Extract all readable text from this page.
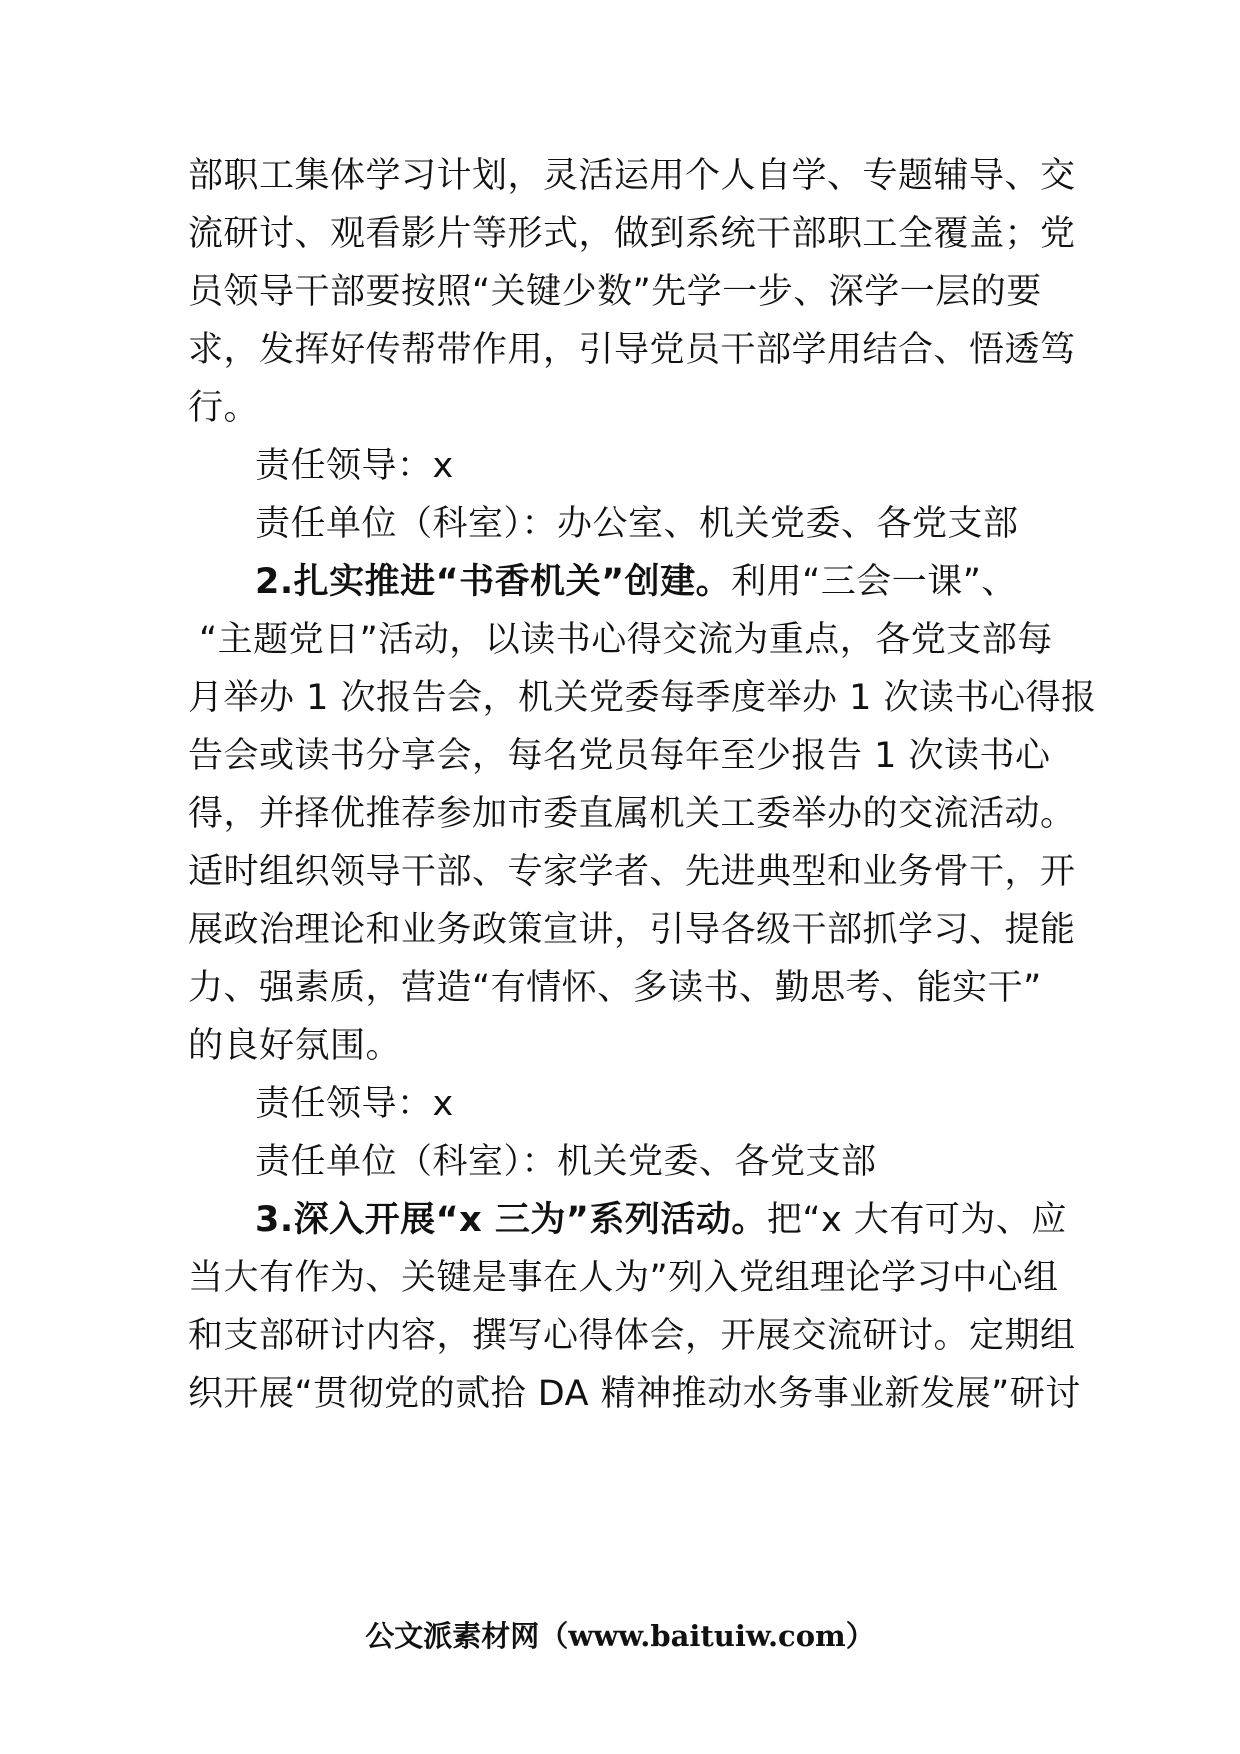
部职工集体学习计划，灵活运用个人自学、专题辅导、交
流研讨、观看影片等形式，做到系统干部职工全覆盖；党
员领导干部要按照“关键少数”先学一步、深学一层的要
求，发挥好传帮带作用，引导党员干部学用结合、悟透笃
行。
责任领导：x
责任单位（科室）：办公室、机关党委、各党支部
2.扎实推进“书香机关”创建。利用“三会一课”、
“主题党日”活动，以读书心得交流为重点，各党支部每
月举办 1 次报告会，机关党委每季度举办 1 次读书心得报
告会或读书分享会，每名党员每年至少报告 1 次读书心
得，并择优推荐参加市委直属机关工委举办的交流活动。
适时组织领导干部、专家学者、先进典型和业务骨干，开
展政治理论和业务政策宣讲，引导各级干部抓学习、提能
力、强素质，营造“有情怀、多读书、勤思考、能实干”
的良好氛围。
责任领导：x
责任单位（科室）：机关党委、各党支部
3.深入开展“x 三为”系列活动。把“x 大有可为、应
当大有作为、关键是事在人为”列入党组理论学习中心组
和支部研讨内容，撰写心得体会，开展交流研讨。定期组
织开展“贯彻党的贰拾 DA 精神推动水务事业新发展”研讨
公文派素材网（www.baituiw.com）
